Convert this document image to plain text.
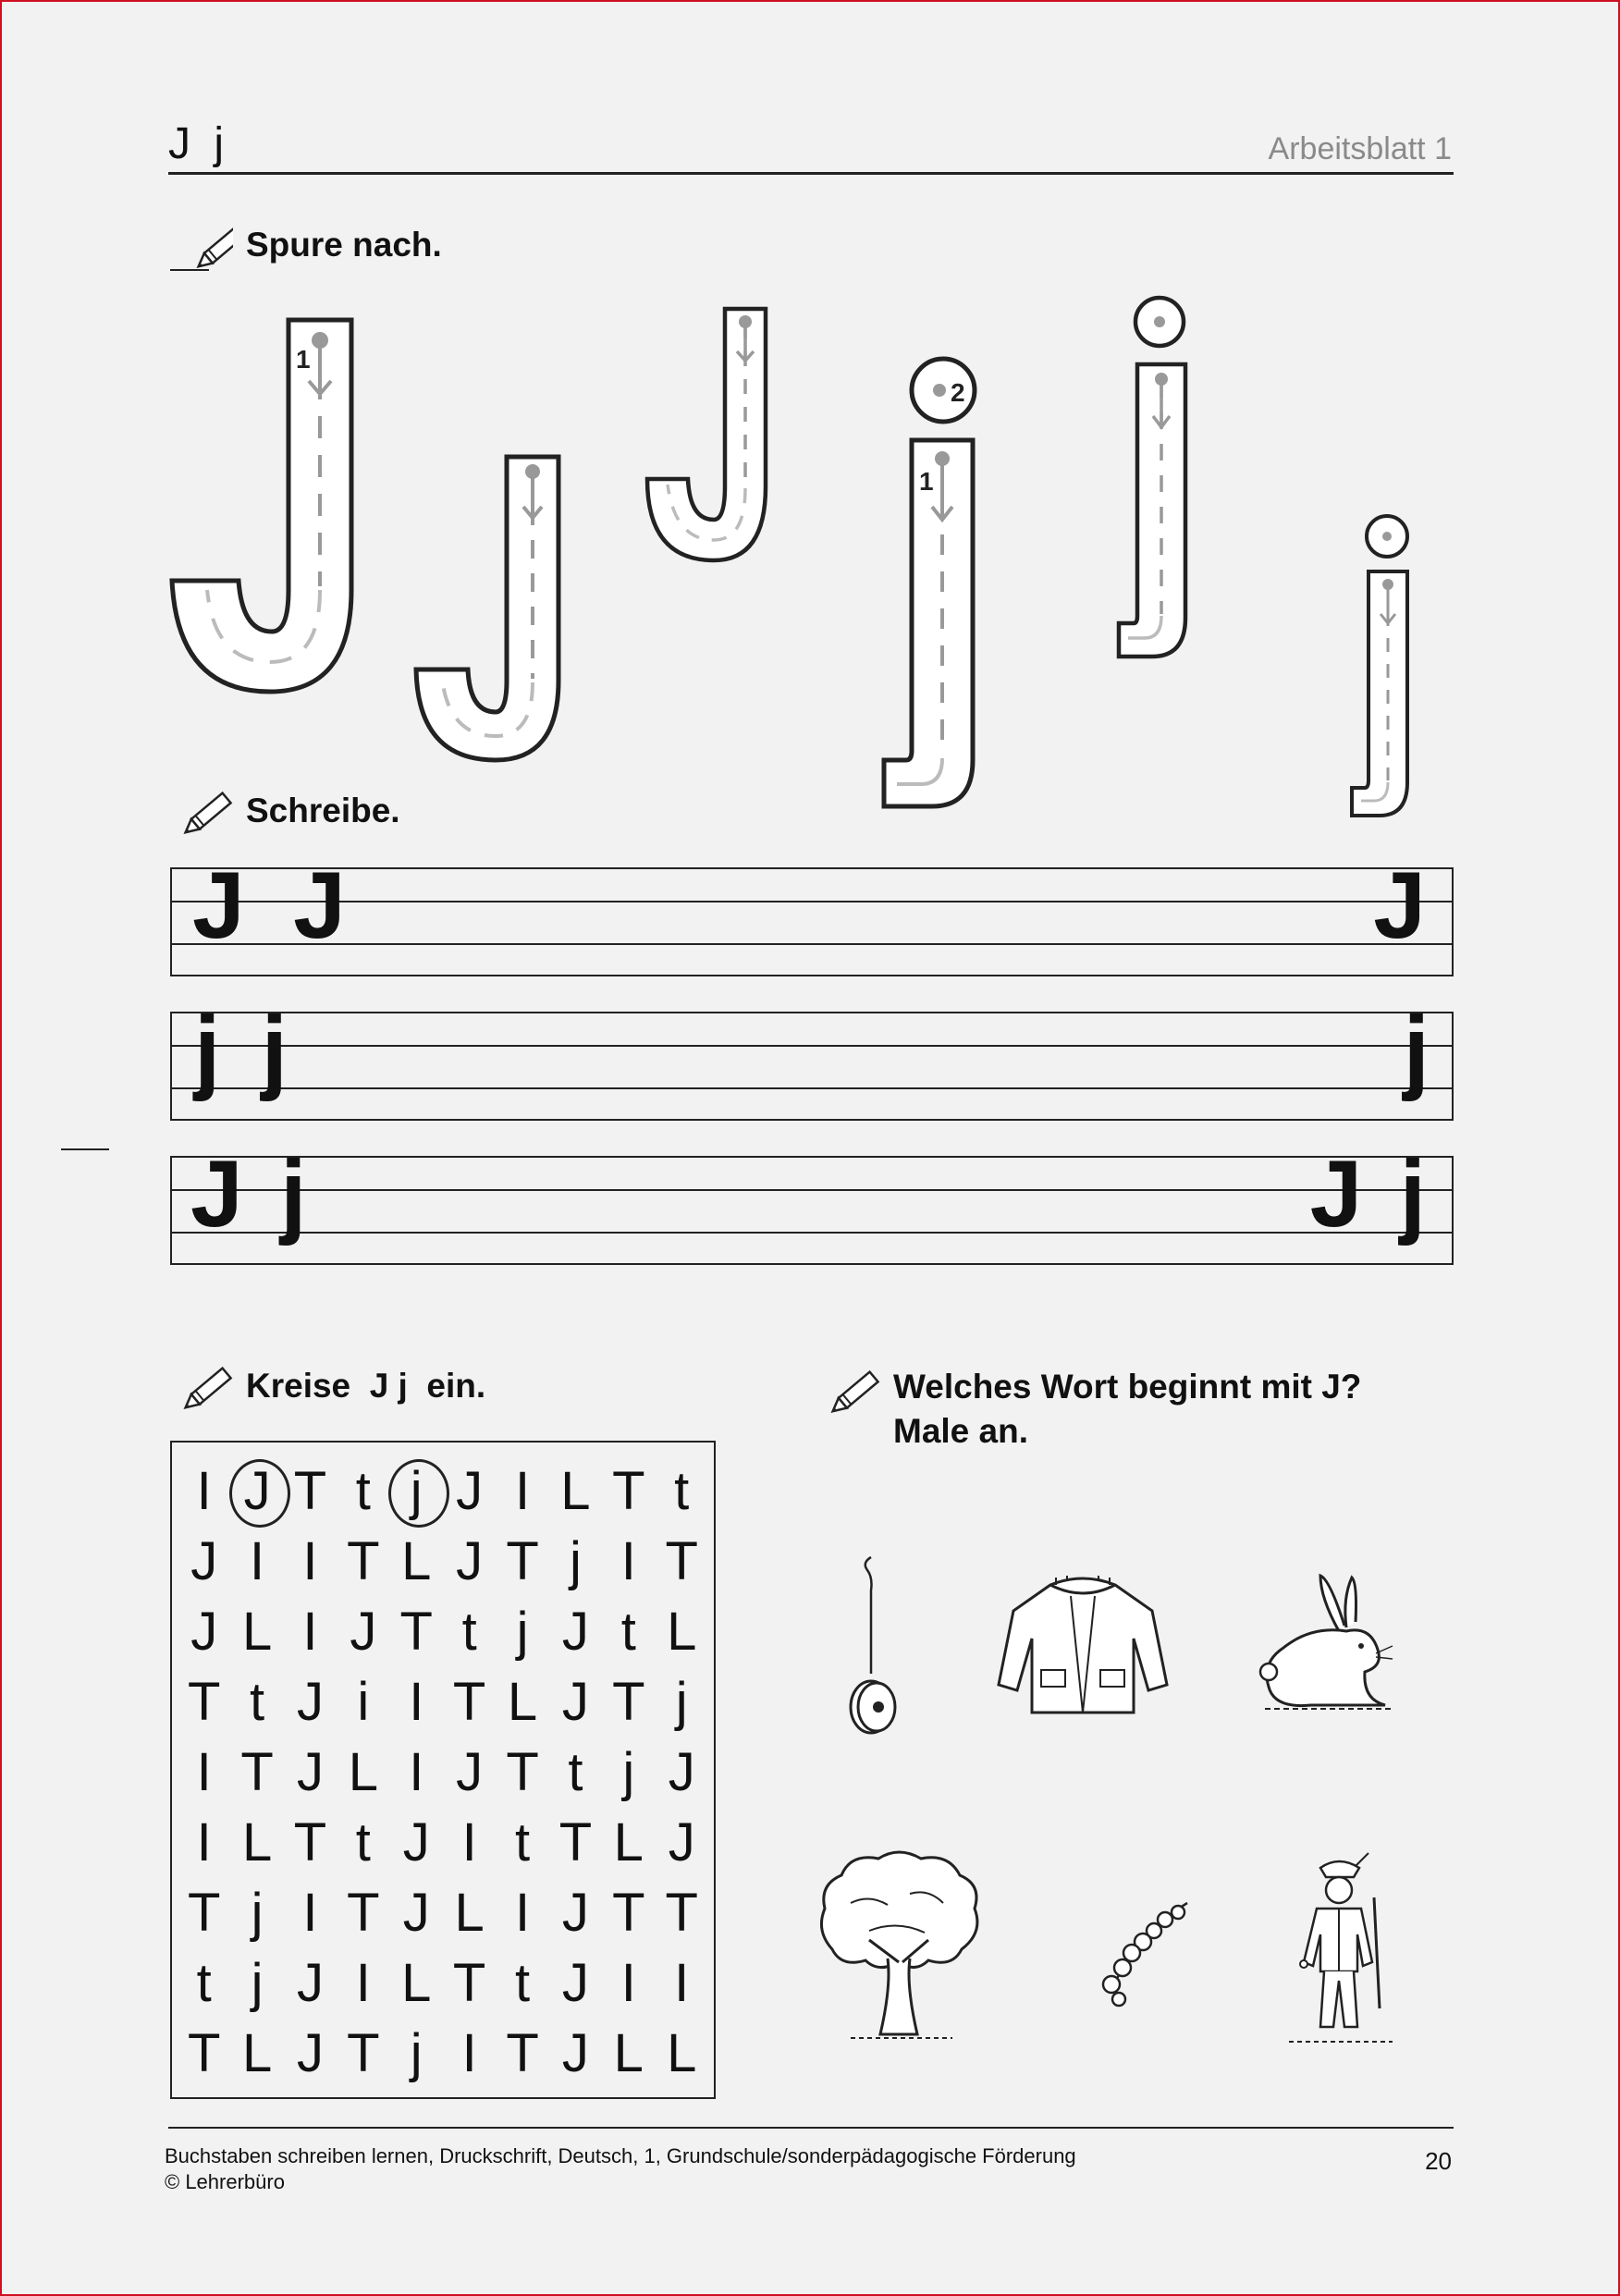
J j	Arbeitsblatt 1
Spure nach.
1
2
1
Schreibe.
J J	J
j j	j
J j	J j
Kreise  J j  ein.
I J T t j J I L T t
J I I T L J T j I T
J L I J T t j J t L
T t J i I T L J T j
I T J L I J T t j J
I L T t J I t T L J
T j I T J L I J T T
t j J I L T t J I I
T L J T j I T J L L
Welches Wort beginnt mit J?
Male an.
Buchstaben schreiben lernen, Druckschrift, Deutsch, 1, Grundschule/sonderpädagogische Förderung
© Lehrerbüro
20
